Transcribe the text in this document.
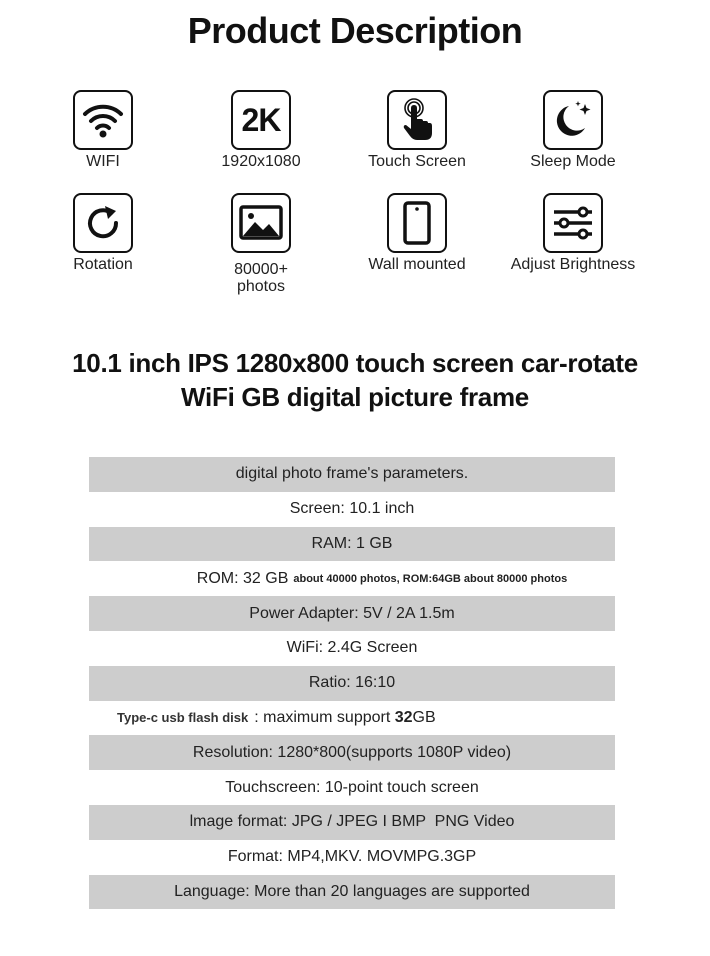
Product Description
WIFI
2K
1920x1080	Touch Screen	Sleep Mode
Rotation	80000+
photos
Wall mounted	Adjust Brightness
10.1 inch IPS 1280x800 touch screen car-rotate
WiFi GB digital picture frame
digital photo frame's parameters.
Screen: 10.1 inch
RAM: 1 GB
ROM: 32 GB about 40000 photos, ROM:64GB about 80000 photos
Power Adapter: 5V / 2A 1.5m
WiFi: 2.4G Screen
Ratio: 16:10
Type-c usb flash disk : maximum support 32 GB
Resolution: 1280*800(supports 1080P video)
Touchscreen: 10-point touch screen
lmage format: JPG / JPEG I BMP  PNG Video
Format: MP4,MKV. MOVMPG.3GP
Language: More than 20 languages are supported
